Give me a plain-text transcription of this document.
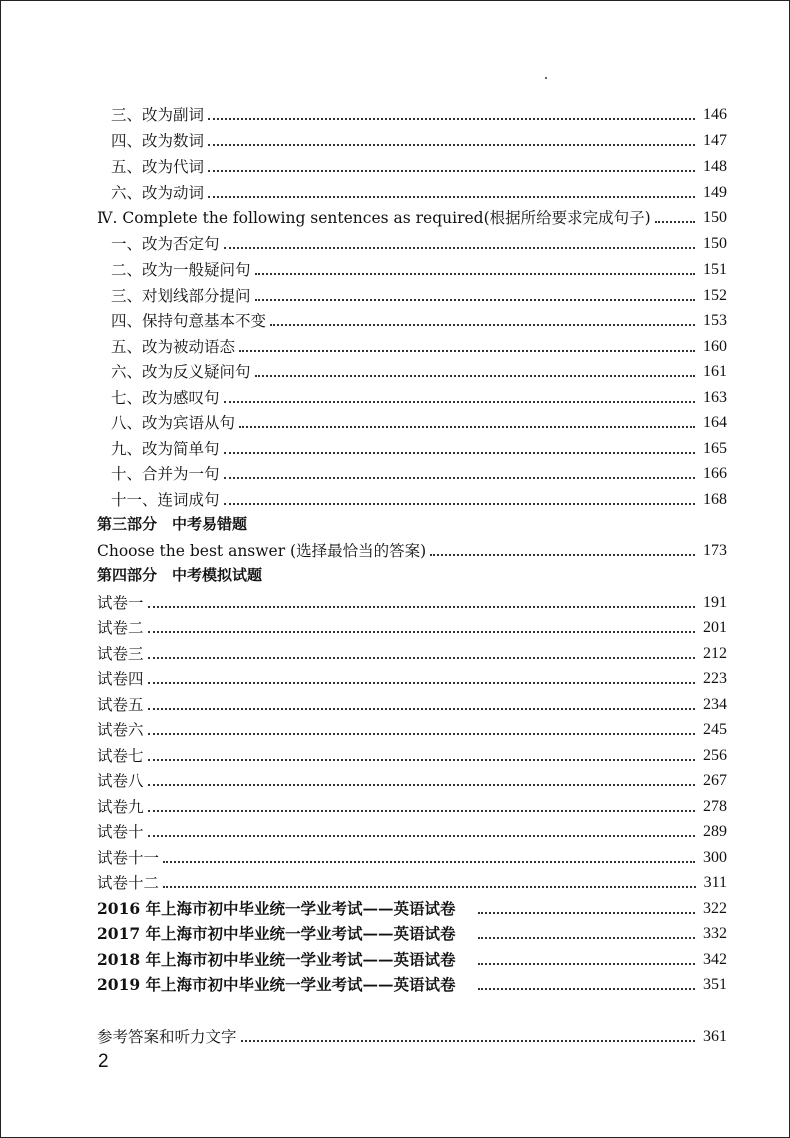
三、改为副词	146
四、改为数词	147
五、改为代词	148
六、改为动词	149
Ⅳ. Complete the following sentences as required(根据所给要求完成句子)	150
一、改为否定句	150
二、改为一般疑问句	151
三、对划线部分提问	152
四、保持句意基本不变	153
五、改为被动语态	160
六、改为反义疑问句	161
七、改为感叹句	163
八、改为宾语从句	164
九、改为简单句	165
十、合并为一句	166
十一、连词成句	168
第三部分　中考易错题
Choose the best answer (选择最恰当的答案)	173
第四部分　中考模拟试题
试卷一	191
试卷二	201
试卷三	212
试卷四	223
试卷五	234
试卷六	245
试卷七	256
试卷八	267
试卷九	278
试卷十	289
试卷十一	300
试卷十二	311
2016 年上海市初中毕业统一学业考试——英语试卷	322
2017 年上海市初中毕业统一学业考试——英语试卷	332
2018 年上海市初中毕业统一学业考试——英语试卷	342
2019 年上海市初中毕业统一学业考试——英语试卷	351
参考答案和听力文字	361
2
